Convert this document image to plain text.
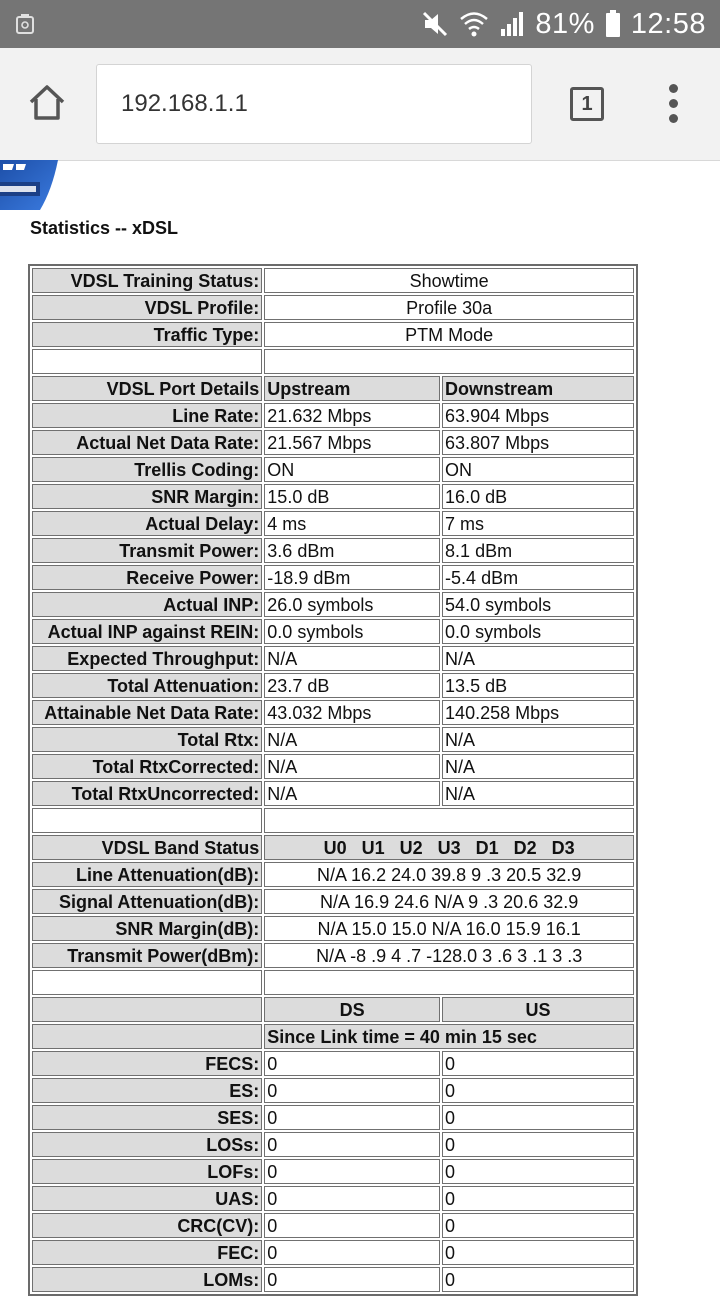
81% 12:58
192.168.1.1	1
Statistics -- xDSL
VDSL Training Status:	Showtime	
VDSL Profile:	Profile 30a	
Traffic Type:	PTM Mode	

VDSL Port Details	Upstream	Downstream
Line Rate:	21.632 Mbps	63.904 Mbps
Actual Net Data Rate:	21.567 Mbps	63.807 Mbps
Trellis Coding:	ON	ON
SNR Margin:	15.0 dB	16.0 dB
Actual Delay:	4 ms	7 ms
Transmit Power:	3.6 dBm	8.1 dBm
Receive Power:	-18.9 dBm	-5.4 dBm
Actual INP:	26.0 symbols	54.0 symbols
Actual INP against REIN:	0.0 symbols	0.0 symbols
Expected Throughput:	N/A	N/A
Total Attenuation:	23.7 dB	13.5 dB
Attainable Net Data Rate:	43.032 Mbps	140.258 Mbps
Total Rtx:	N/A	N/A
Total RtxCorrected:	N/A	N/A
Total RtxUncorrected:	N/A	N/A

VDSL Band Status	U0   U1   U2   U3   D1   D2   D3	
Line Attenuation(dB):	N/A 16.2 24.0 39.8 9 .3 20.5 32.9	
Signal Attenuation(dB):	N/A 16.9 24.6 N/A 9 .3 20.6 32.9	
SNR Margin(dB):	N/A 15.0 15.0 N/A 16.0 15.9 16.1	
Transmit Power(dBm):	N/A -8 .9 4 .7 -128.0 3 .6 3 .1 3 .3	

	DS	US
	Since Link time = 40 min 15 sec	
FECS:	0	0
ES:	0	0
SES:	0	0
LOSs:	0	0
LOFs:	0	0
UAS:	0	0
CRC(CV):	0	0
FEC:	0	0
LOMs:	0	0
